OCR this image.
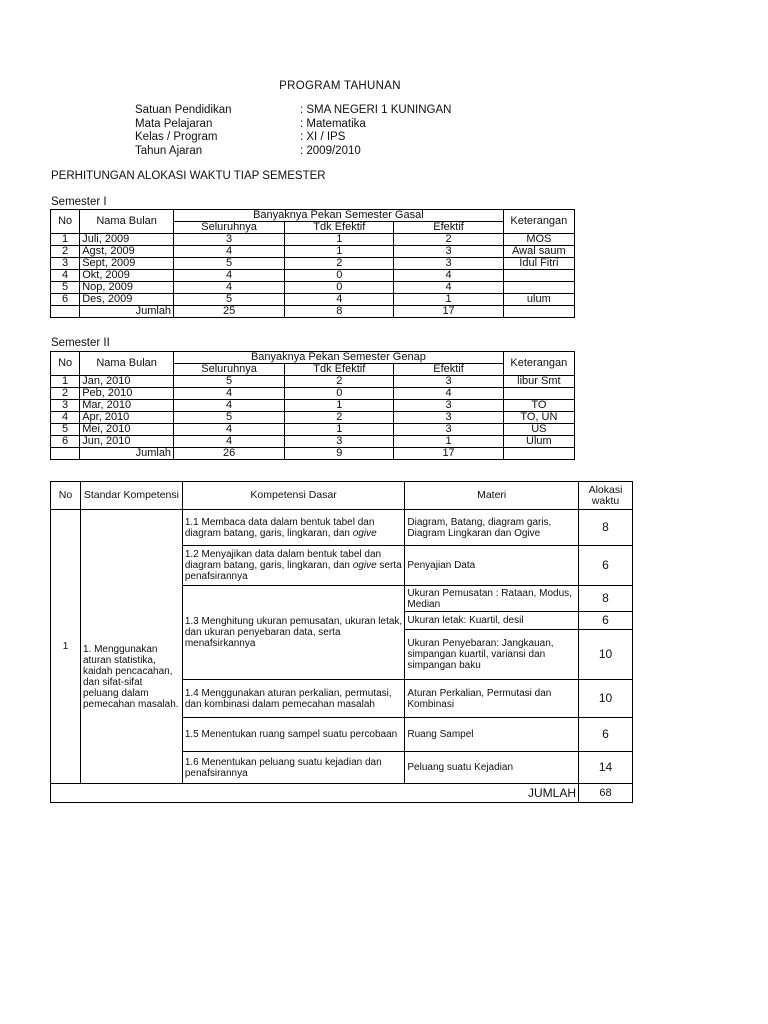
PROGRAM TAHUNAN
Satuan Pendidikan	: SMA NEGERI 1 KUNINGAN
Mata Pelajaran	: Matematika
Kelas / Program	: XI / IPS
Tahun Ajaran	: 2009/2010
PERHITUNGAN ALOKASI WAKTU TIAP SEMESTER
Semester I
No	Nama Bulan	Banyaknya Pekan Semester Gasal			Keterangan
		Seluruhnya	Tdk Efektif	Efektif	
1	Juli, 2009	3	1	2	MOS
2	Agst, 2009	4	1	3	Awal saum
3	Sept, 2009	5	2	3	Idul Fitri
4	Okt, 2009	4	0	4	
5	Nop, 2009	4	0	4	
6	Des, 2009	5	4	1	ulum
	Jumlah	25	8	17	
Semester II
No	Nama Bulan	Banyaknya Pekan Semester Genap			Keterangan
		Seluruhnya	Tdk Efektif	Efektif	
1	Jan, 2010	5	2	3	libur Smt
2	Peb, 2010	4	0	4	
3	Mar, 2010	4	1	3	TO
4	Apr, 2010	5	2	3	TO, UN
5	Mei, 2010	4	1	3	US
6	Jun, 2010	4	3	1	Ulum
	Jumlah	26	9	17	
No	Standar Kompetensi	Kompetensi Dasar	Materi	Alokasi waktu
1	1. Menggunakan aturan statistika, kaidah pencacahan, dan sifat-sifat peluang dalam pemecahan masalah.	1.1 Membaca data dalam bentuk tabel dan diagram batang, garis, lingkaran, dan ogive	Diagram, Batang, diagram garis, Diagram Lingkaran dan Ogive	8
		1.2 Menyajikan data dalam bentuk tabel dan diagram batang, garis, lingkaran, dan ogive serta penafsirannya	Penyajian Data	6
		1.3 Menghitung ukuran pemusatan, ukuran letak, dan ukuran penyebaran data, serta menafsirkannya	Ukuran Pemusatan : Rataan, Modus, Median	8
			Ukuran letak: Kuartil, desil	6
			Ukuran Penyebaran: Jangkauan, simpangan kuartil, variansi dan simpangan baku	10
		1.4 Menggunakan aturan perkalian, permutasi, dan kombinasi dalam pemecahan masalah	Aturan Perkalian, Permutasi dan Kombinasi	10
		1.5 Menentukan ruang sampel suatu percobaan	Ruang Sampel	6
		1.6 Menentukan peluang suatu kejadian dan penafsirannya	Peluang suatu Kejadian	14
JUMLAH				68
